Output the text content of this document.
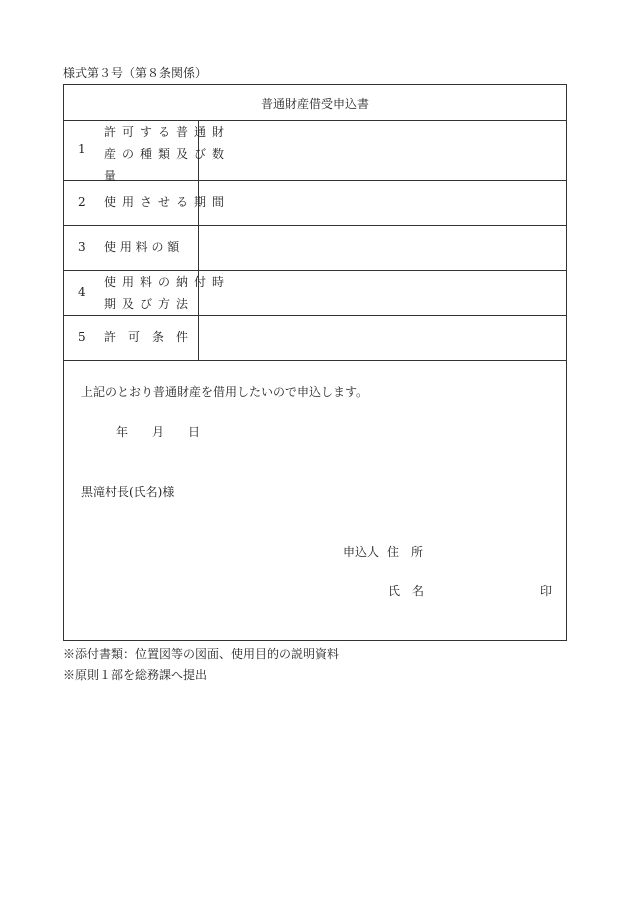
様式第３号（第８条関係）
普通財産借受申込書
1
許可する普通財
産の種類及び数
量
2 使用させる期間
3 使 用 料 の 額
4
使用料の納付時
期及び方法
5 許　可　条　件
上記のとおり普通財産を借用したいので申込します。
年 月 日
黒滝村長(氏名)様
申込人 住　所
氏　名	印
※添付書類：位置図等の図面、使用目的の説明資料
※原則１部を総務課へ提出
